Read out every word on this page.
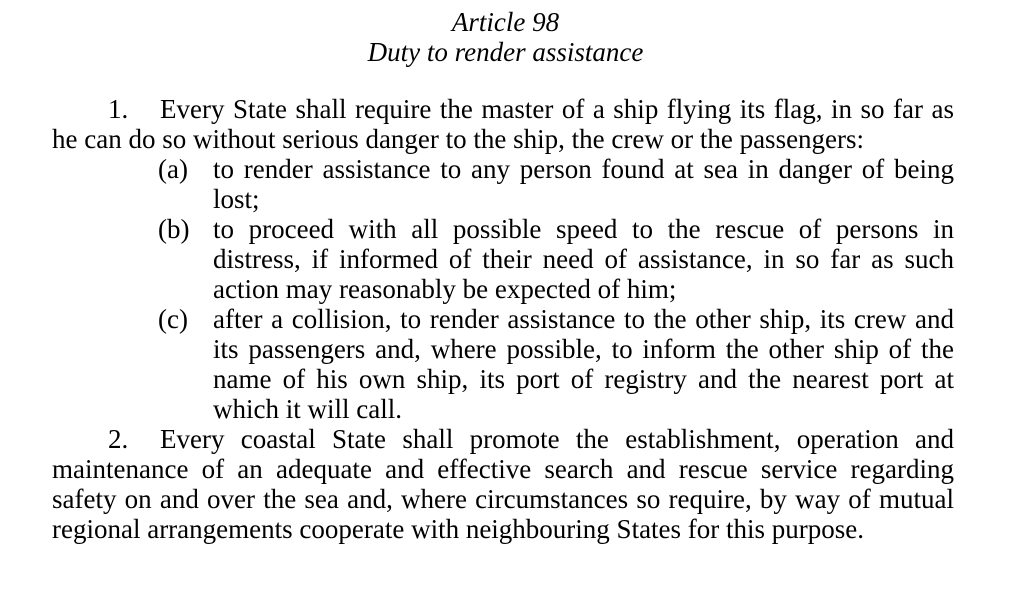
Article 98
Duty to render assistance

1. Every State shall require the master of a ship flying its flag, in so far as he can do so without serious danger to the ship, the crew or the passengers:

(a) to render assistance to any person found at sea in danger of being lost;

(b) to proceed with all possible speed to the rescue of persons in distress, if informed of their need of assistance, in so far as such action may reasonably be expected of him;

(c) after a collision, to render assistance to the other ship, its crew and its passengers and, where possible, to inform the other ship of the name of his own ship, its port of registry and the nearest port at which it will call.

2. Every coastal State shall promote the establishment, operation and maintenance of an adequate and effective search and rescue service regarding safety on and over the sea and, where circumstances so require, by way of mutual regional arrangements cooperate with neighbouring States for this purpose.
